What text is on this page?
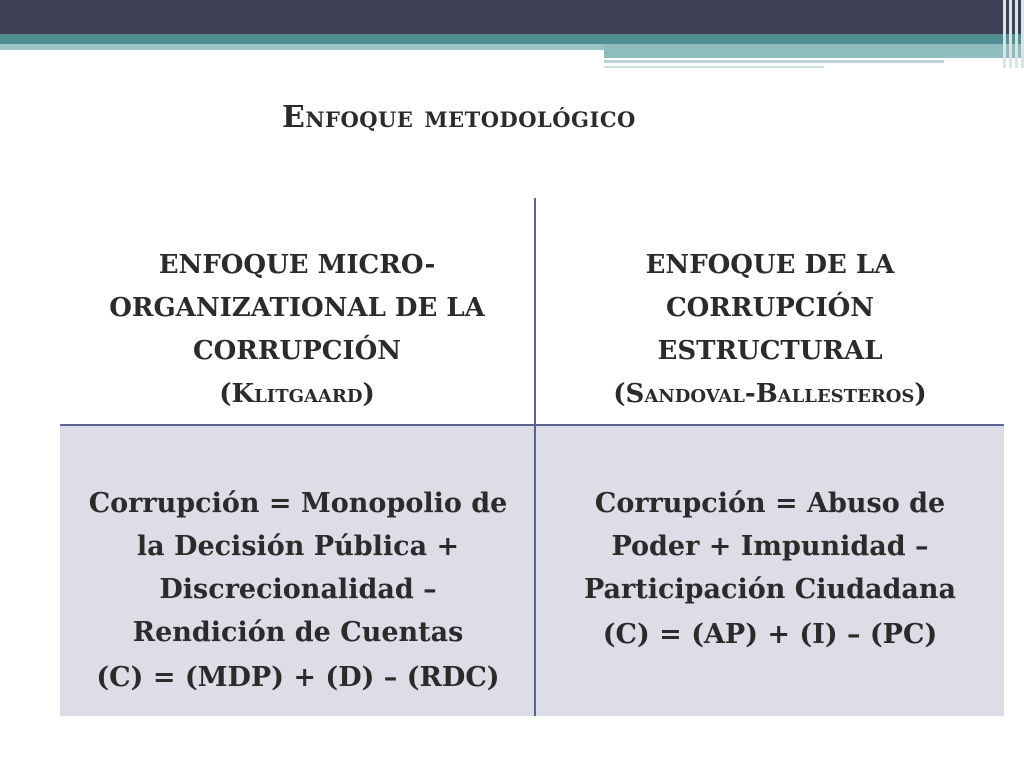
Enfoque metodológico
ENFOQUE MICRO-
ORGANIZATIONAL DE LA
CORRUPCIÓN
(Klitgaard)
ENFOQUE DE LA
CORRUPCIÓN
ESTRUCTURAL
(Sandoval-Ballesteros)
Corrupción = Monopolio de
la Decisión Pública +
Discrecionalidad –
Rendición de Cuentas
(C) = (MDP) + (D) – (RDC)
Corrupción = Abuso de
Poder + Impunidad –
Participación Ciudadana
(C) = (AP) + (I) – (PC)
